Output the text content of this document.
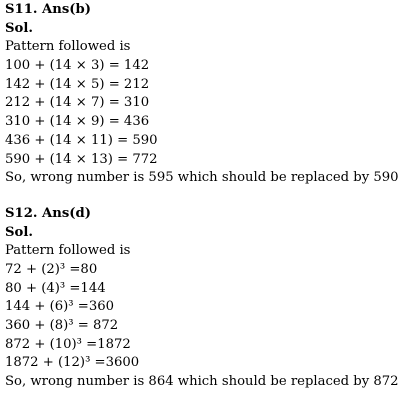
S11. Ans(b)
Sol.
Pattern followed is
100 + (14 × 3) = 142
142 + (14 × 5) = 212
212 + (14 × 7) = 310
310 + (14 × 9) = 436
436 + (14 × 11) = 590
590 + (14 × 13) = 772
So, wrong number is 595 which should be replaced by 590
S12. Ans(d)
Sol.
Pattern followed is
72 + (2)³ =80
80 + (4)³ =144
144 + (6)³ =360
360 + (8)³ = 872
872 + (10)³ =1872
1872 + (12)³ =3600
So, wrong number is 864 which should be replaced by 872
